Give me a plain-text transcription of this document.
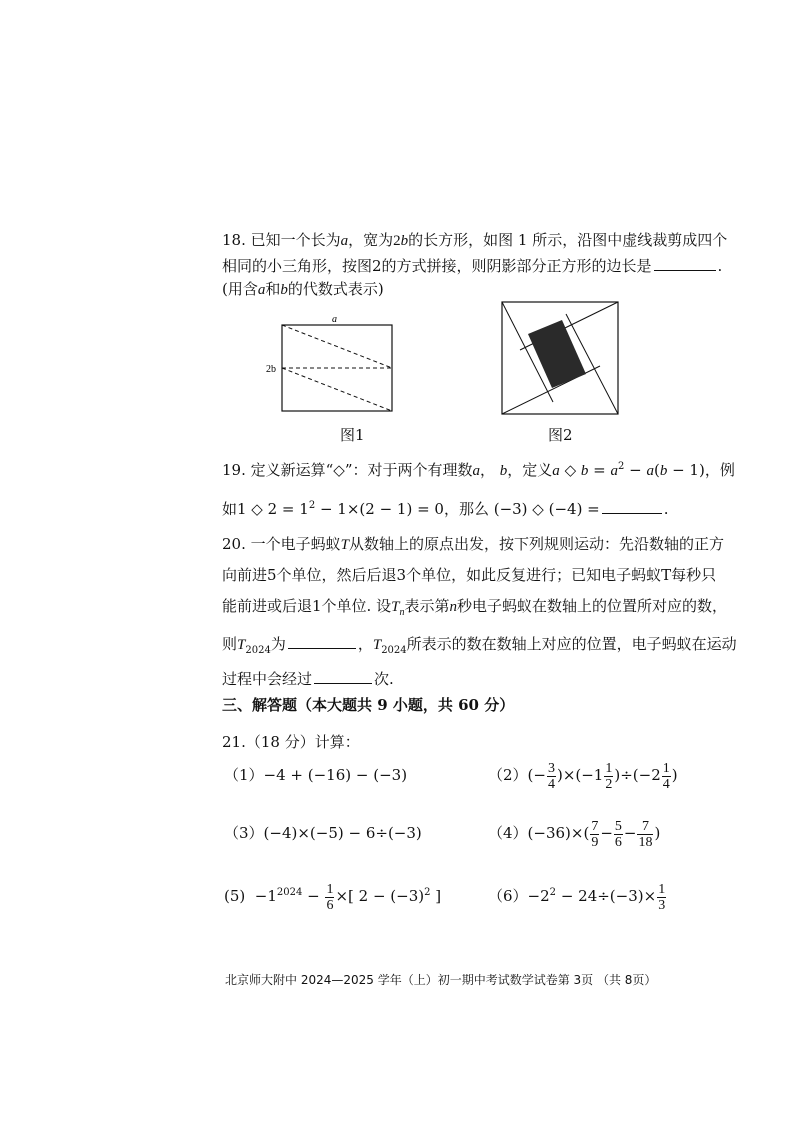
18. 已知一个长为a，宽为2b的长方形，如图 1 所示，沿图中虚线裁剪成四个
相同的小三角形，按图2的方式拼接，则阴影部分正方形的边长是	.
(用含a和b的代数式表示)
a
2b
图1	图2
19. 定义新运算“◇”：对于两个有理数a， b，定义a ◇ $b = a^2 - a(b - 1)$，例
如1 ◇ $2 = 1^2 - 1\times(2 - 1) = 0$，那么 (−3) ◇ (−4) =	.
20. 一个电子蚂蚁T从数轴上的原点出发，按下列规则运动：先沿数轴的正方
向前进5个单位，然后后退3个单位，如此反复进行；已知电子蚂蚁T每秒只
能前进或后退1个单位. 设$T_n$表示第n秒电子蚂蚁在数轴上的位置所对应的数，
则$T_{2024}$为	，$T_{2024}$所表示的数在数轴上对应的位置，电子蚂蚁在运动
过程中会经过	次.
三、解答题（本大题共 9 小题，共 60 分）
21.（18 分）计算：
（1）−4 + (−16) − (−3)	$(2)(- \frac{3}{4} )\times(-1 \frac{1}{2} )\div(-2 \frac{1}{4}$ )
（3）(−4)×(−5) − 6÷(−3)	$(4)(-36)\times( \frac{7}{9} - \frac{5}{6} - \frac{7}{18}$ )
$(5) -1^{2024} - \frac{1}{6}$ ×[ $2 - (-3)^2$ ]	$(6)-2^2 - 24\div(-3)\times \frac{1}{3}$
北京师大附中 2024—2025 学年（上）初一期中考试数学试卷第 3页 （共 8页）
